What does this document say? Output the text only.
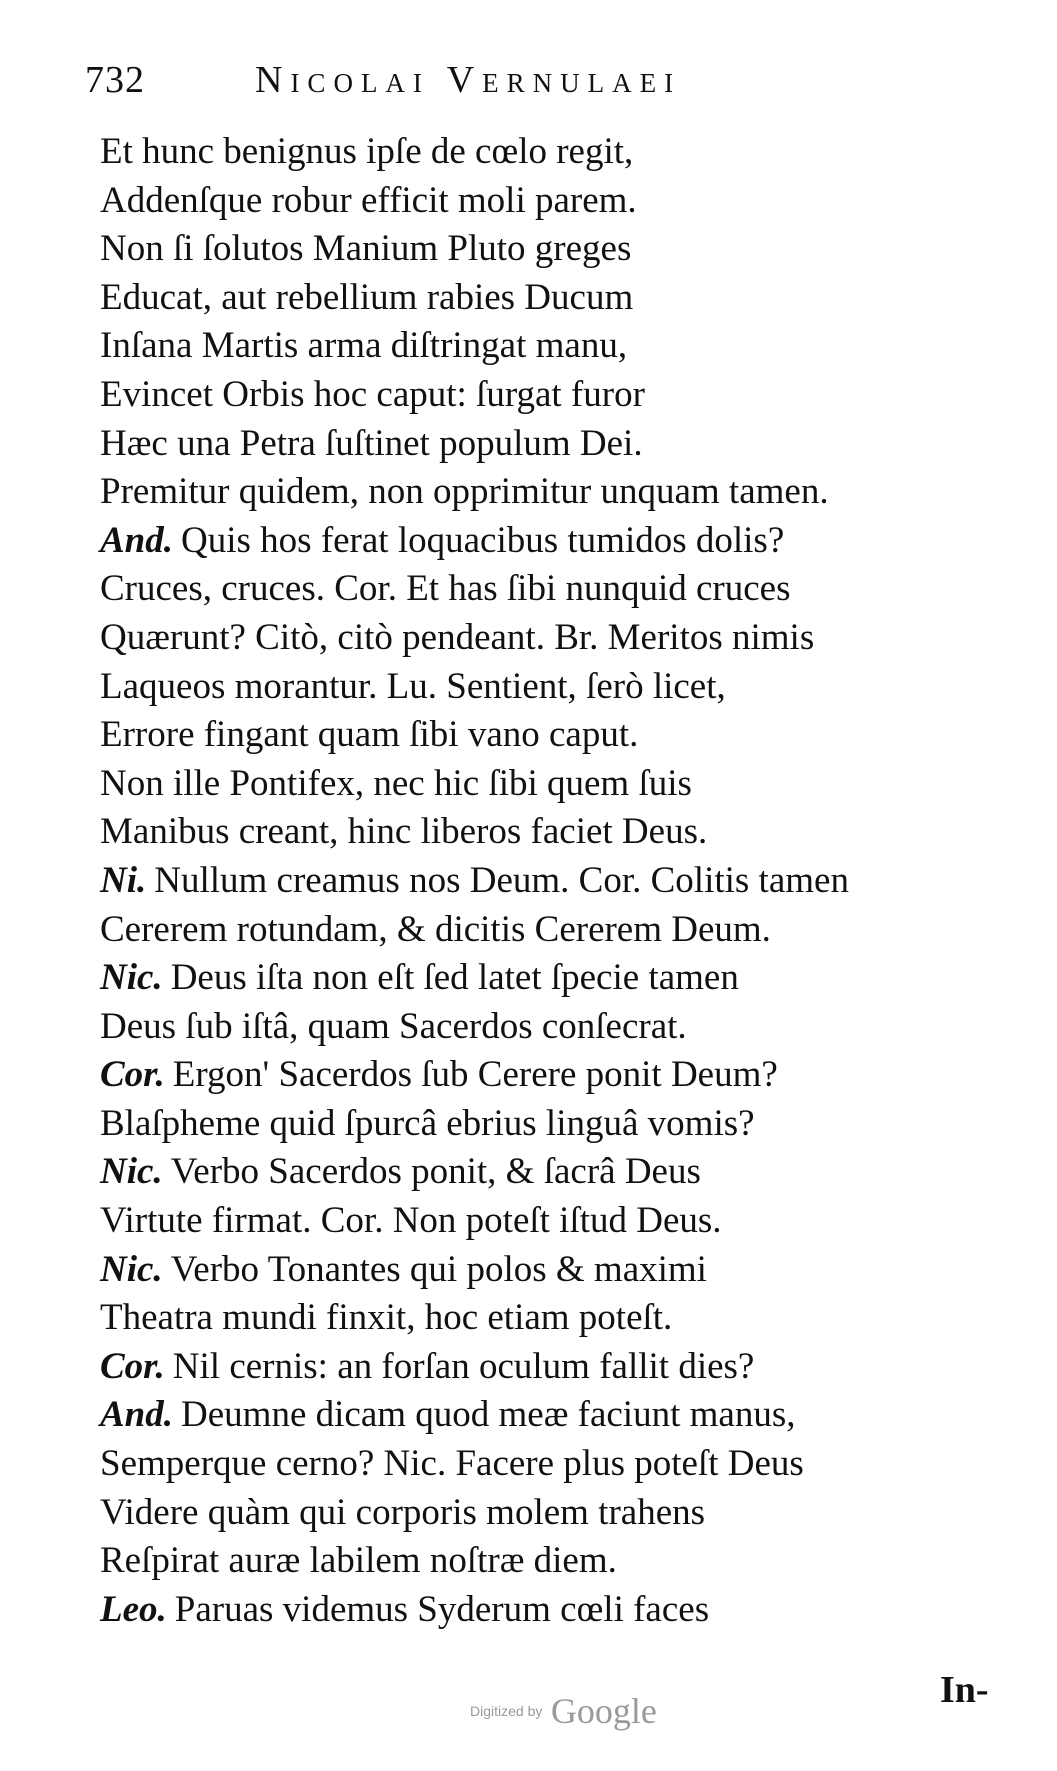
732	Nicolai Vernulaei
Et hunc benignus ipſe de cœlo regit,
Addenſque robur efficit moli parem.
Non ſi ſolutos Manium Pluto greges
Educat, aut rebellium rabies Ducum
Inſana Martis arma diſtringat manu,
Evincet Orbis hoc caput: ſurgat furor
Hæc una Petra ſuſtinet populum Dei.
Premitur quidem, non opprimitur unquam tamen.
And. Quis hos ferat loquacibus tumidos dolis?
Cruces, cruces. Cor. Et has ſibi nunquid cruces
Quærunt? Citò, citò pendeant. Br. Meritos nimis
Laqueos morantur. Lu. Sentient, ſerò licet,
Errore fingant quam ſibi vano caput.
Non ille Pontifex, nec hic ſibi quem ſuis
Manibus creant, hinc liberos faciet Deus.
Ni. Nullum creamus nos Deum. Cor. Colitis tamen
Cererem rotundam, & dicitis Cererem Deum.
Nic. Deus iſta non eſt ſed latet ſpecie tamen
Deus ſub iſtâ, quam Sacerdos conſecrat.
Cor. Ergon' Sacerdos ſub Cerere ponit Deum?
Blaſpheme quid ſpurcâ ebrius linguâ vomis?
Nic. Verbo Sacerdos ponit, & ſacrâ Deus
Virtute firmat. Cor. Non poteſt iſtud Deus.
Nic. Verbo Tonantes qui polos & maximi
Theatra mundi finxit, hoc etiam poteſt.
Cor. Nil cernis: an forſan oculum fallit dies?
And. Deumne dicam quod meæ faciunt manus,
Semperque cerno? Nic. Facere plus poteſt Deus
Videre quàm qui corporis molem trahens
Reſpirat auræ labilem noſtræ diem.
Leo. Paruas videmus Syderum cœli faces
In-
Digitized by Google
